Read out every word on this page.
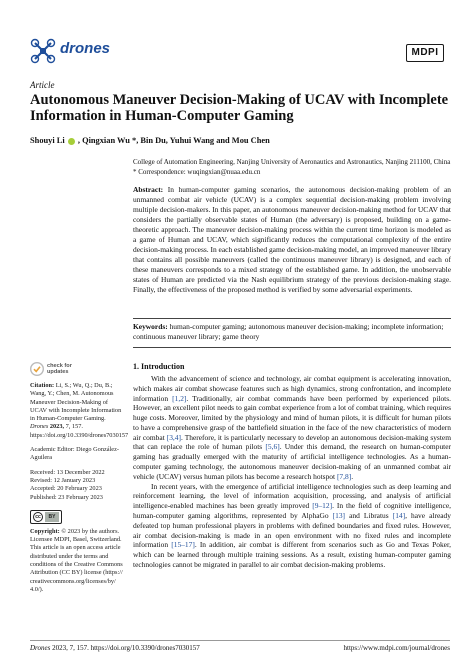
drones	MDPI
Article
Autonomous Maneuver Decision-Making of UCAV with Incomplete Information in Human-Computer Gaming
Shouyi Li  , Qingxian Wu *, Bin Du, Yuhui Wang and Mou Chen
College of Automation Engineering, Nanjing University of Aeronautics and Astronautics, Nanjing 211100, China
* Correspondence: wuqingxian@nuaa.edu.cn
Abstract: In human-computer gaming scenarios, the autonomous decision-making problem of an unmanned combat air vehicle (UCAV) is a complex sequential decision-making problem involving multiple decision-makers. In this paper, an autonomous maneuver decision-making method for UCAV that considers the partially observable states of Human (the adversary) is proposed, building on a game-theoretic approach. The maneuver decision-making process within the current time horizon is modeled as a game of Human and UCAV, which significantly reduces the computational complexity of the entire decision-making process. In each established game decision-making model, an improved maneuver library that contains all possible maneuvers (called the continuous maneuver library) is designed, and each of these maneuvers corresponds to a mixed strategy of the established game. In addition, the unobservable states of Human are predicted via the Nash equilibrium strategy of the previous decision-making stage. Finally, the effectiveness of the proposed method is verified by some adversarial experiments.
Keywords: human-computer gaming; autonomous maneuver decision-making; incomplete information; continuous maneuver library; game theory
check for
updates
Citation: Li, S.; Wu, Q.; Du, B.; Wang, Y.; Chen, M. Autonomous Maneuver Decision-Making of UCAV with Incomplete Information in Human-Computer Gaming. Drones 2023, 7, 157. https://doi.org/10.3390/drones7030157
Academic Editor: Diego González-Aguilera
Received: 13 December 2022
Revised: 12 January 2023
Accepted: 20 February 2023
Published: 23 February 2023
cc	BY
Copyright: © 2023 by the authors. Licensee MDPI, Basel, Switzerland. This article is an open access article distributed under the terms and conditions of the Creative Commons Attribution (CC BY) license (https:// creativecommons.org/licenses/by/ 4.0/).
1. Introduction

With the advancement of science and technology, air combat equipment is accelerating innovation, which makes air combat showcase features such as high dynamics, strong confrontation, and incomplete information [1,2]. Traditionally, air combat commands have been performed by experienced pilots. However, an excellent pilot needs to gain combat experience from a lot of combat training, which requires huge costs. Moreover, limited by the physiology and mind of human pilots, it is difficult for human pilots to have a comprehensive grasp of the battlefield situation in the face of the new characteristics of modern air combat [3,4]. Therefore, it is particularly necessary to develop an autonomous decision-making system that can replace the role of human pilots [5,6]. Under this demand, the research on human-computer gaming has gradually emerged with the maturity of artificial intelligence technologies. As a human-computer gaming technology, the autonomous maneuver decision-making of an unmanned combat air vehicle (UCAV) versus human pilots has become a research hotspot [7,8].

In recent years, with the emergence of artificial intelligence technologies such as deep learning and reinforcement learning, the level of information acquisition, processing, and analysis of artificial intelligence-enabled machines has been greatly improved [9–12]. In the field of cognitive intelligence, human-computer gaming algorithms, represented by AlphaGo [13] and Libratus [14], have already defeated top human professional players in problems with defined boundaries and fixed rules. However, air combat decision-making is made in an open environment with no fixed rules and incomplete information [15–17]. In addition, air combat is different from scenarios such as Go and Texas Poker, which can be learned through multiple training sessions. As a result, existing human-computer gaming technologies cannot be migrated in parallel to air combat decision-making problems.

Drones 2023, 7, 157. https://doi.org/10.3390/drones7030157	https://www.mdpi.com/journal/drones
